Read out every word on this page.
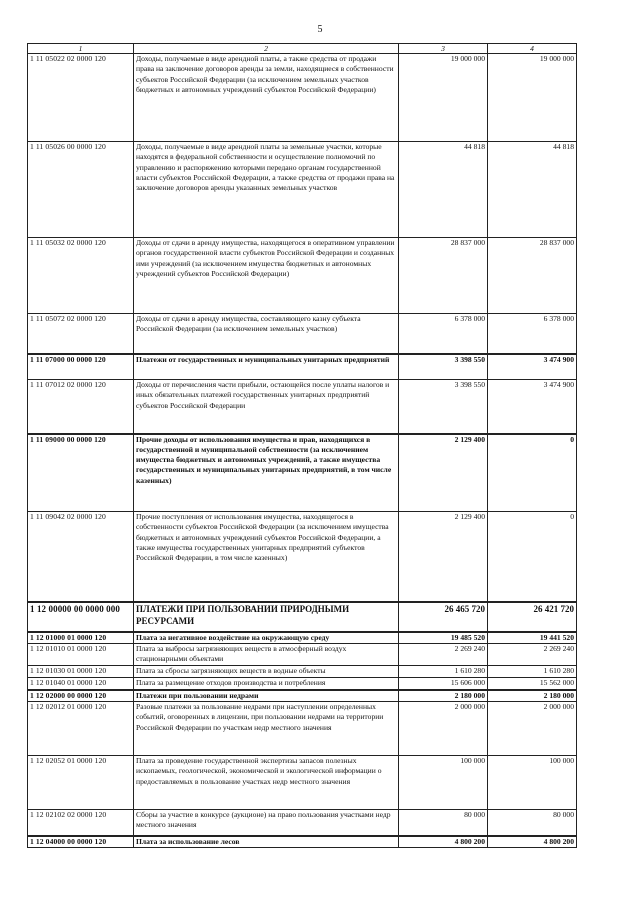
5
1	2	3	4
1 11 05022 02 0000 120	Доходы, получаемые в виде арендной платы, а также средства от продажи права на заключение договоров аренды за земли, находящиеся в собственности субъектов Российской Федерации (за исключением земельных участков бюджетных и автономных учреждений субъектов Российской Федерации)	19 000 000	19 000 000
1 11 05026 00 0000 120	Доходы, получаемые в виде арендной платы за земельные участки, которые находятся в федеральной собственности и осуществление полномочий по управлению и распоряжению которыми передано органам государственной власти субъектов Российской Федерации, а также средства от продажи права на заключение договоров аренды указанных земельных участков	44 818	44 818
1 11 05032 02 0000 120	Доходы от сдачи в аренду имущества, находящегося в оперативном управлении органов государственной власти субъектов Российской Федерации и созданных ими учреждений (за исключением имущества бюджетных и автономных учреждений субъектов Российской Федерации)	28 837 000	28 837 000
1 11 05072 02 0000 120	Доходы от сдачи в аренду имущества, составляющего казну субъекта Российской Федерации (за исключением земельных участков)	6 378 000	6 378 000
1 11 07000 00 0000 120	Платежи от государственных и муниципальных унитарных предприятий	3 398 550	3 474 900
1 11 07012 02 0000 120	Доходы от перечисления части прибыли, остающейся после уплаты налогов и иных обязательных платежей государственных унитарных предприятий субъектов Российской Федерации	3 398 550	3 474 900
1 11 09000 00 0000 120	Прочие доходы от использования имущества и прав, находящихся в государственной и муниципальной собственности (за исключением имущества бюджетных и автономных учреждений, а также имущества государственных и муниципальных унитарных предприятий, в том числе казенных)	2 129 400	0
1 11 09042 02 0000 120	Прочие поступления от использования имущества, находящегося в собственности субъектов Российской Федерации (за исключением имущества бюджетных и автономных учреждений субъектов Российской Федерации, а также имущества государственных унитарных предприятий субъектов Российской Федерации, в том числе казенных)	2 129 400	0
1 12 00000 00 0000 000	ПЛАТЕЖИ ПРИ ПОЛЬЗОВАНИИ ПРИРОДНЫМИ РЕСУРСАМИ	26 465 720	26 421 720
1 12 01000 01 0000 120	Плата за негативное воздействие на окружающую среду	19 485 520	19 441 520
1 12 01010 01 0000 120	Плата за выбросы загрязняющих веществ в атмосферный воздух стационарными объектами	2 269 240	2 269 240
1 12 01030 01 0000 120	Плата за сбросы загрязняющих веществ в водные объекты	1 610 280	1 610 280
1 12 01040 01 0000 120	Плата за размещение отходов производства и потребления	15 606 000	15 562 000
1 12 02000 00 0000 120	Платежи при пользовании недрами	2 180 000	2 180 000
1 12 02012 01 0000 120	Разовые платежи за пользование недрами при наступлении определенных событий, оговоренных в лицензии, при пользовании недрами на территории Российской Федерации по участкам недр местного значения	2 000 000	2 000 000
1 12 02052 01 0000 120	Плата за проведение государственной экспертизы запасов полезных ископаемых, геологической, экономической и экологической информации о предоставляемых в пользование участках недр местного значения	100 000	100 000
1 12 02102 02 0000 120	Сборы за участие в конкурсе (аукционе) на право пользования участками недр местного значения	80 000	80 000
1 12 04000 00 0000 120	Плата за использование лесов	4 800 200	4 800 200
